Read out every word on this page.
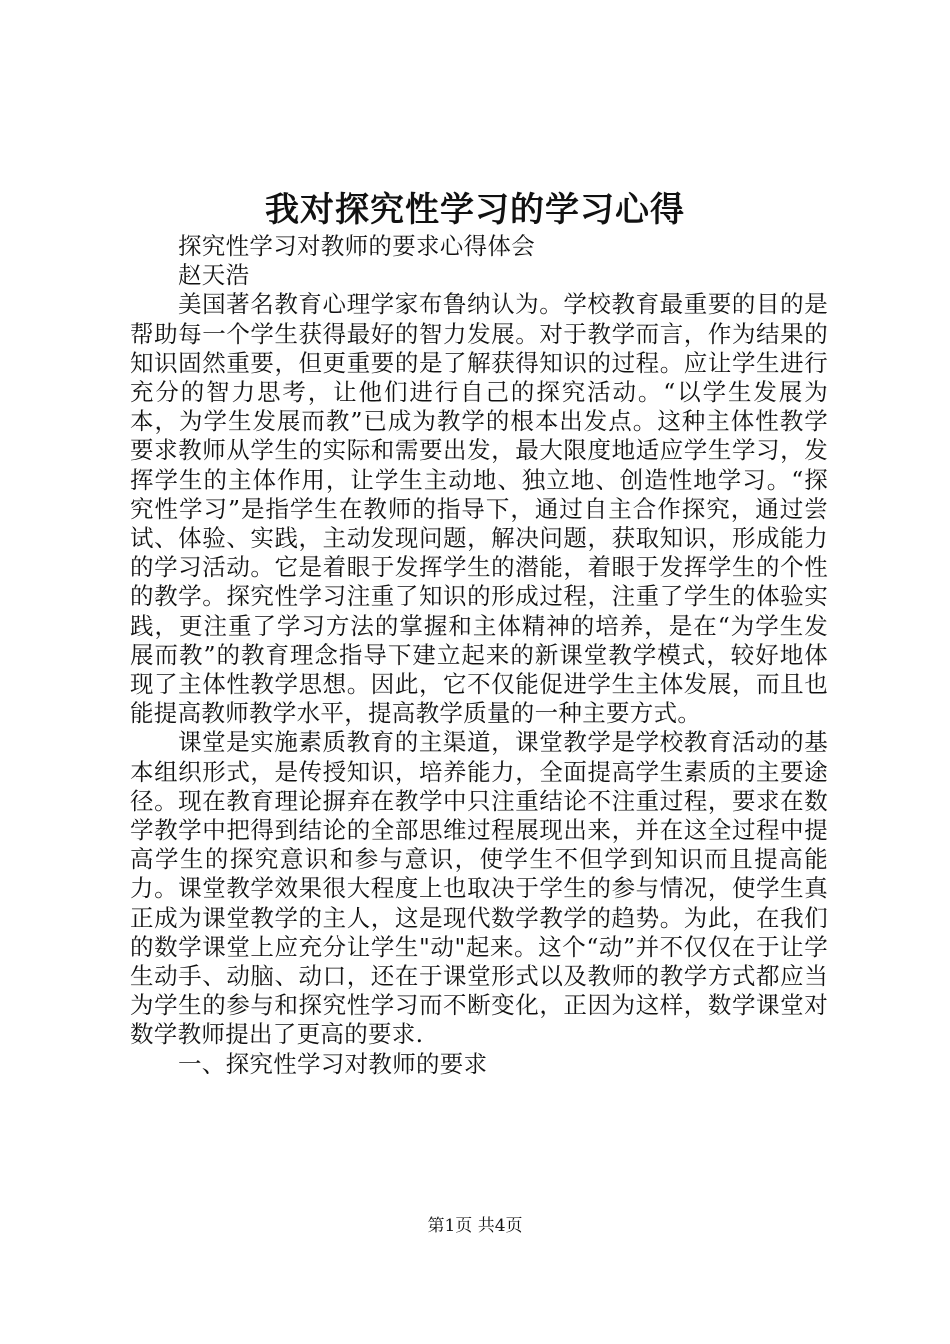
我对探究性学习的学习心得

探究性学习对教师的要求心得体会

赵天浩

美国著名教育心理学家布鲁纳认为。学校教育最重要的目的是帮助每一个学生获得最好的智力发展。对于教学而言，作为结果的知识固然重要，但更重要的是了解获得知识的过程。应让学生进行充分的智力思考，让他们进行自己的探究活动。“以学生发展为本，为学生发展而教”已成为教学的根本出发点。这种主体性教学要求教师从学生的实际和需要出发，最大限度地适应学生学习，发挥学生的主体作用，让学生主动地、独立地、创造性地学习。“探究性学习”是指学生在教师的指导下，通过自主合作探究，通过尝试、体验、实践，主动发现问题，解决问题，获取知识，形成能力的学习活动。它是着眼于发挥学生的潜能，着眼于发挥学生的个性的教学。探究性学习注重了知识的形成过程，注重了学生的体验实践，更注重了学习方法的掌握和主体精神的培养，是在“为学生发展而教”的教育理念指导下建立起来的新课堂教学模式，较好地体现了主体性教学思想。因此，它不仅能促进学生主体发展，而且也能提高教师教学水平，提高教学质量的一种主要方式。

课堂是实施素质教育的主渠道，课堂教学是学校教育活动的基本组织形式，是传授知识，培养能力，全面提高学生素质的主要途径。现在教育理论摒弃在教学中只注重结论不注重过程，要求在数学教学中把得到结论的全部思维过程展现出来，并在这全过程中提高学生的探究意识和参与意识，使学生不但学到知识而且提高能力。课堂教学效果很大程度上也取决于学生的参与情况，使学生真正成为课堂教学的主人，这是现代数学教学的趋势。为此，在我们的数学课堂上应充分让学生"动"起来。这个“动”并不仅仅在于让学生动手、动脑、动口，还在于课堂形式以及教师的教学方式都应当为学生的参与和探究性学习而不断变化，正因为这样，数学课堂对数学教师提出了更高的要求.

一、探究性学习对教师的要求

第1页 共4页
